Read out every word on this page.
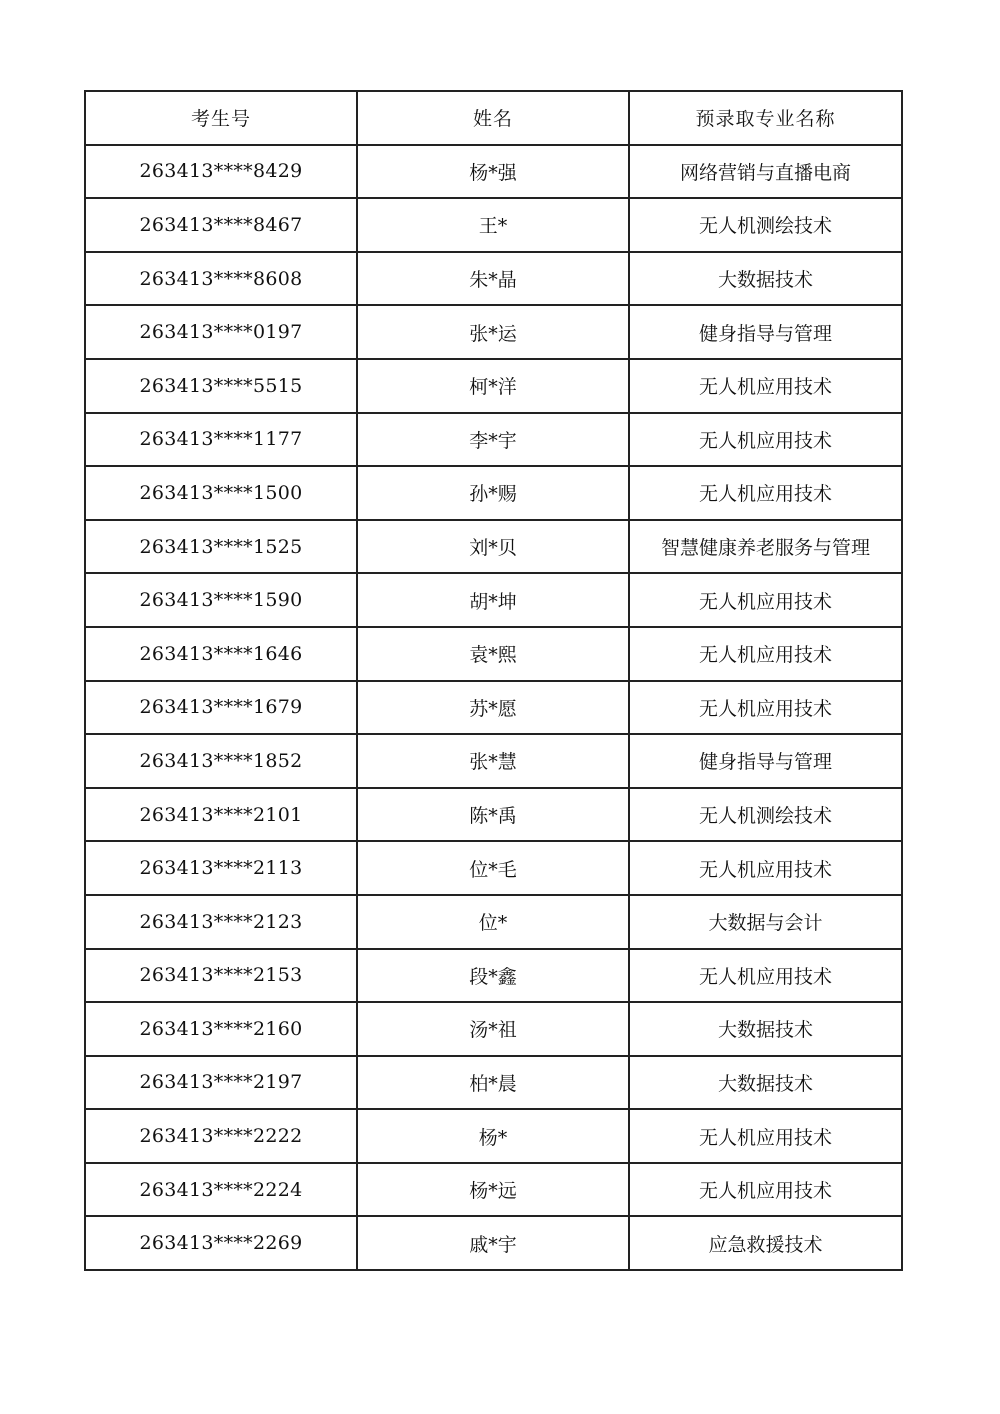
考生号	姓名	预录取专业名称
263413****8429	杨*强	网络营销与直播电商
263413****8467	王*	无人机测绘技术
263413****8608	朱*晶	大数据技术
263413****0197	张*运	健身指导与管理
263413****5515	柯*洋	无人机应用技术
263413****1177	李*宇	无人机应用技术
263413****1500	孙*赐	无人机应用技术
263413****1525	刘*贝	智慧健康养老服务与管理
263413****1590	胡*坤	无人机应用技术
263413****1646	袁*熙	无人机应用技术
263413****1679	苏*愿	无人机应用技术
263413****1852	张*慧	健身指导与管理
263413****2101	陈*禹	无人机测绘技术
263413****2113	位*毛	无人机应用技术
263413****2123	位*	大数据与会计
263413****2153	段*鑫	无人机应用技术
263413****2160	汤*祖	大数据技术
263413****2197	柏*晨	大数据技术
263413****2222	杨*	无人机应用技术
263413****2224	杨*远	无人机应用技术
263413****2269	戚*宇	应急救援技术
